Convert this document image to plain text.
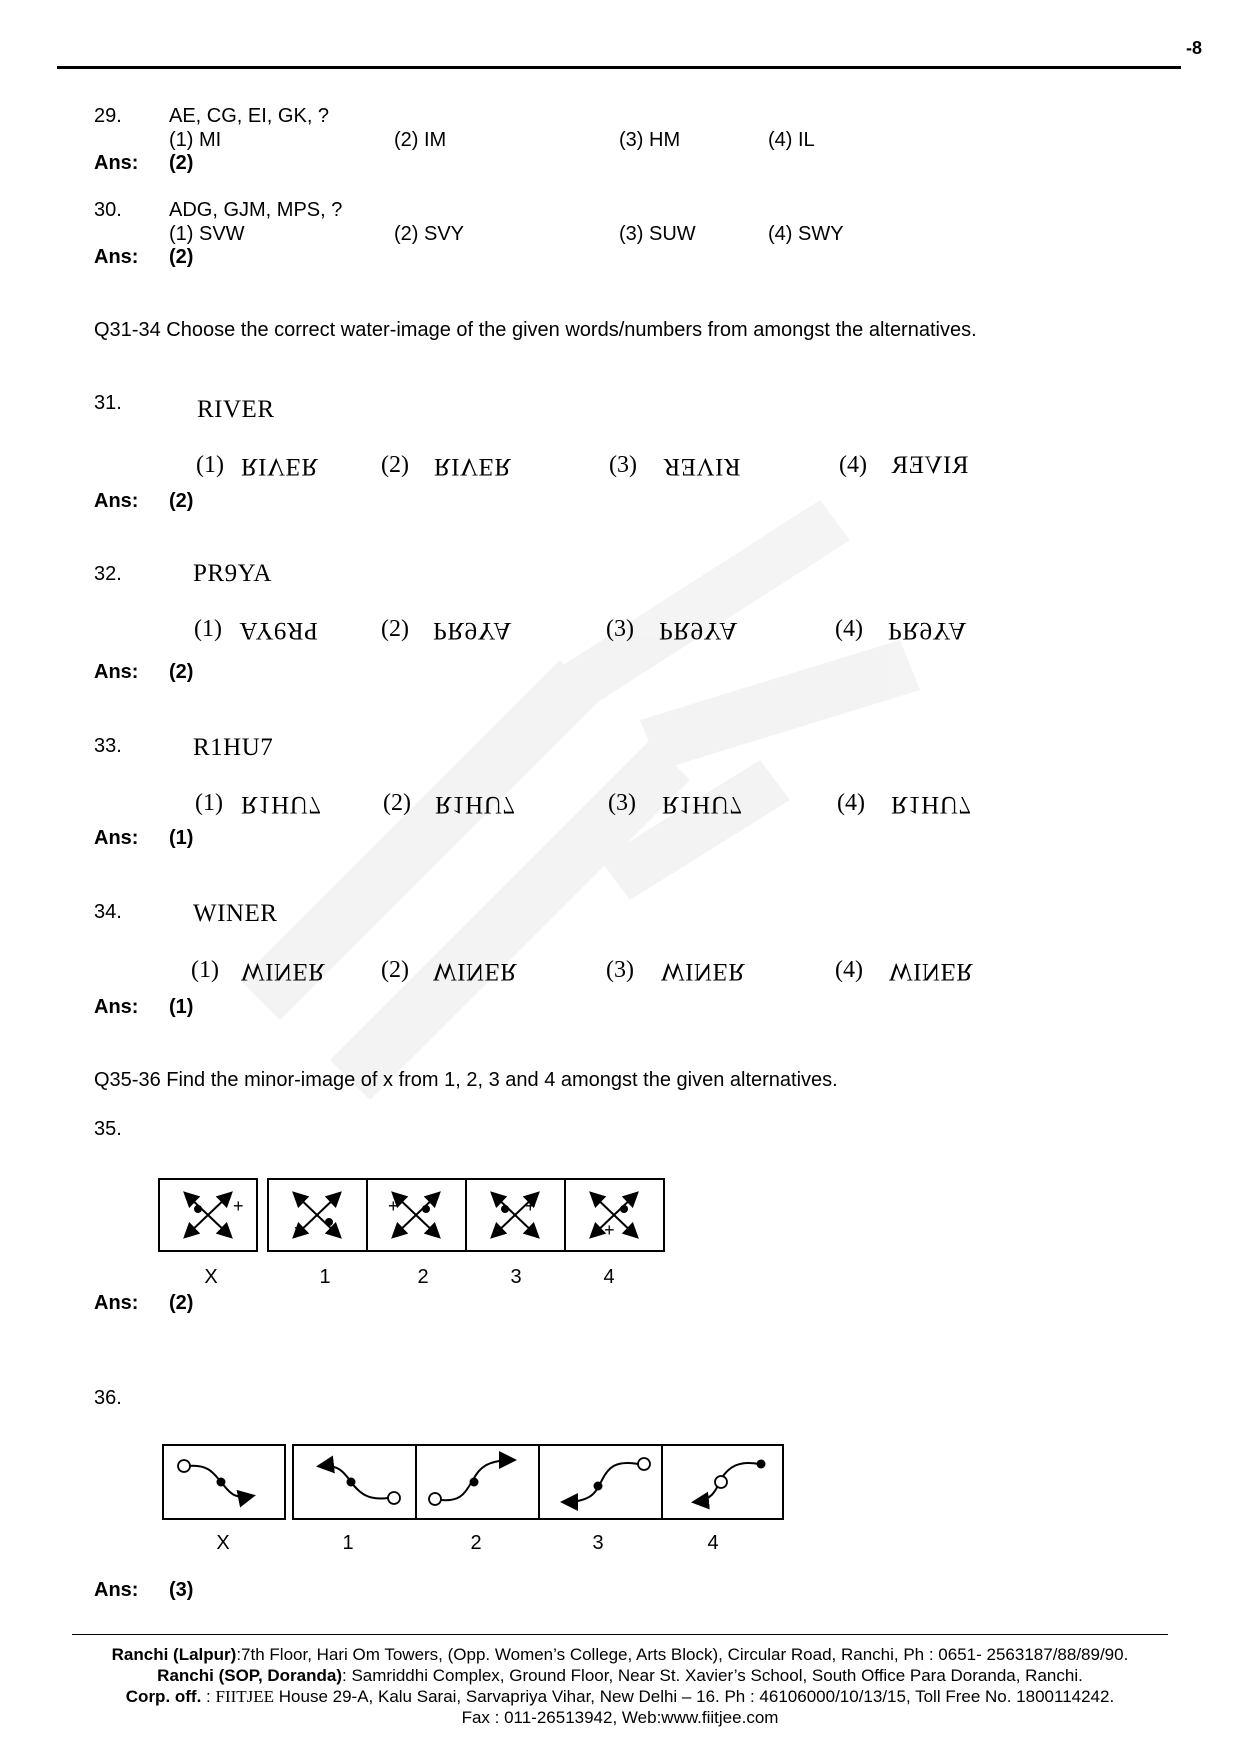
-8
29. AE, CG, EI, GK, ?
(1) MI	(2) IM	(3) HM	(4) IL
Ans: (2)
30. ADG, GJM, MPS, ?
(1) SVW	(2) SVY	(3) SUW	(4) SWY
Ans: (2)
Q31-34 Choose the correct water-image of the given words/numbers from amongst the alternatives.
31.	RIVER
(1) RIVER	(2) RIVER	(3) RIVER	(4) RIVER
Ans: (2)
32.	PR9YA
(1) PR9YA	(2) PR9YA	(3) PR9YA	(4) PR9YA
Ans: (2)
33.	R1HU7
(1) R1HU7	(2) R1HU7	(3) R1HU7	(4) R1HU7
Ans: (1)
34.	WINER
(1) WINER (2) WINER	(3) WINER	(4) WINER
Ans: (1)
Q35-36 Find the minor-image of x from 1, 2, 3 and 4 amongst the given alternatives.
35.
+
+
+	+
+
X	1	2	3	4
Ans: (2)
36.
X	1	2	3	4
Ans: (3)
Ranchi (Lalpur):7th Floor, Hari Om Towers, (Opp. Women’s College, Arts Block), Circular Road, Ranchi, Ph : 0651- 2563187/88/89/90.
Ranchi (SOP, Doranda): Samriddhi Complex, Ground Floor, Near St. Xavier’s School, South Office Para Doranda, Ranchi.
Corp. off. : FIITJEE House 29-A, Kalu Sarai, Sarvapriya Vihar, New Delhi – 16. Ph : 46106000/10/13/15, Toll Free No. 1800114242.
Fax : 011-26513942, Web:www.fiitjee.com
